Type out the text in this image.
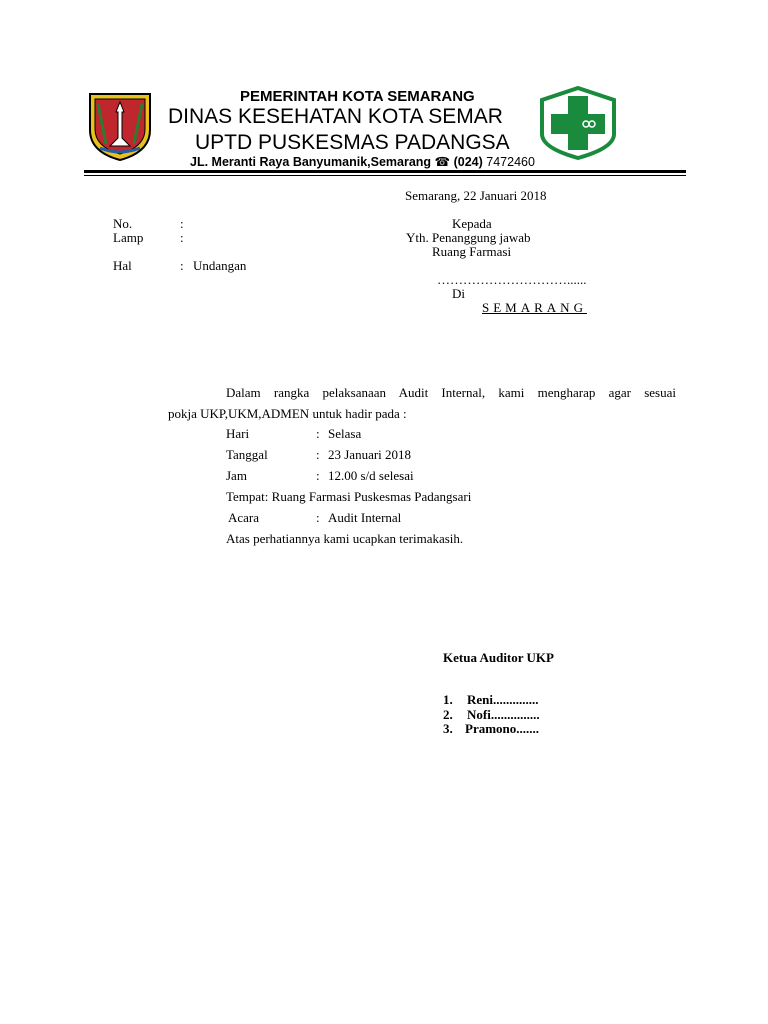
PEMERINTAH KOTA SEMARANG
DINAS KESEHATAN KOTA SEMAR
UPTD PUSKESMAS PADANGSA
JL. Meranti Raya Banyumanik,Semarang ☎ (024) 7472460
Semarang, 22 Januari 2018
No.	:
Lamp	:
Hal	: Undangan
Kepada
Yth. Penanggung jawab
Ruang Farmasi
…………………………......
Di
SEMARANG
Dalam rangka pelaksanaan Audit Internal, kami mengharap agar sesuai
pokja UKP,UKM,ADMEN untuk hadir pada :
Hari	: Selasa
Tanggal	: 23 Januari 2018
Jam	: 12.00 s/d selesai
Tempat: Ruang Farmasi Puskesmas Padangsari
Acara	: Audit Internal
Atas perhatiannya kami ucapkan terimakasih.
Ketua Auditor UKP
1. Reni..............
2. Nofi...............
3. Pramono.......
